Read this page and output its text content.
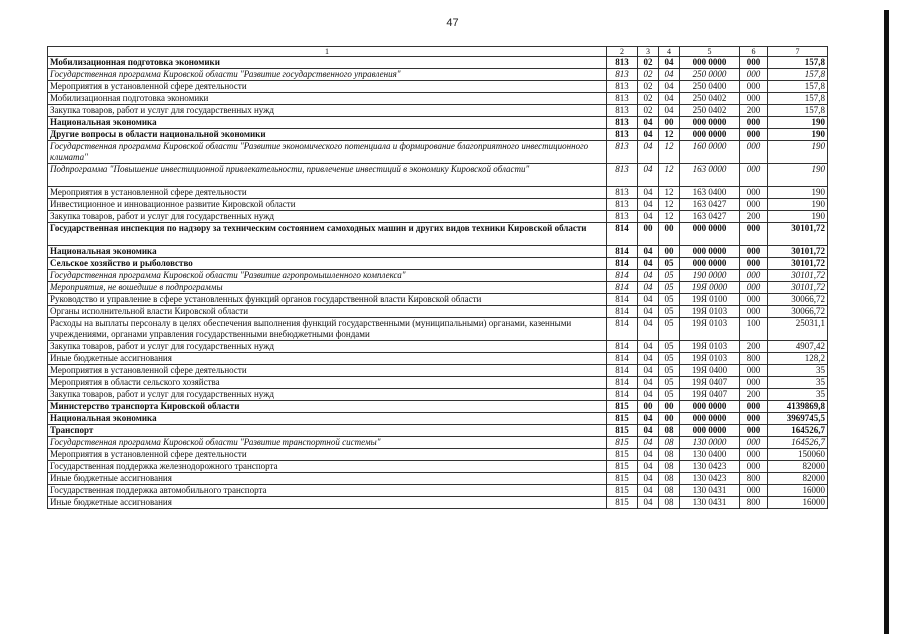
47
1	2	3	4	5	6	7
Мобилизационная подготовка экономики	813	02	04	000 0000	000	157,8
Государственная программа Кировской области "Развитие государственного управления"	813	02	04	250 0000	000	157,8
Мероприятия в установленной сфере деятельности	813	02	04	250 0400	000	157,8
Мобилизационная подготовка экономики	813	02	04	250 0402	000	157,8
Закупка товаров, работ и услуг для государственных нужд	813	02	04	250 0402	200	157,8
Национальная экономика	813	04	00	000 0000	000	190
Другие вопросы в области национальной экономики	813	04	12	000 0000	000	190
Государственная программа Кировской области "Развитие экономического потенциала и формирование благоприятного инвестиционного климата"	813	04	12	160 0000	000	190
Подпрограмма "Повышение инвестиционной привлекательности, привлечение инвестиций в экономику Кировской области"	813	04	12	163 0000	000	190
Мероприятия в установленной сфере деятельности	813	04	12	163 0400	000	190
Инвестиционное и инновационное развитие Кировской области	813	04	12	163 0427	000	190
Закупка товаров, работ и услуг для государственных нужд	813	04	12	163 0427	200	190
Государственная инспекция по надзору за техническим состоянием самоходных машин и других видов техники Кировской области	814	00	00	000 0000	000	30101,72
Национальная экономика	814	04	00	000 0000	000	30101,72
Сельское хозяйство и рыболовство	814	04	05	000 0000	000	30101,72
Государственная программа Кировской области "Развитие агропромышленного комплекса"	814	04	05	190 0000	000	30101,72
Мероприятия, не вошедшие в подпрограммы	814	04	05	19Я 0000	000	30101,72
Руководство и управление в сфере установленных функций органов государственной власти Кировской области	814	04	05	19Я 0100	000	30066,72
Органы исполнительной власти Кировской области	814	04	05	19Я 0103	000	30066,72
Расходы на выплаты персоналу в целях обеспечения выполнения функций государственными (муниципальными) органами, казенными учреждениями, органами управления государственными внебюджетными фондами	814	04	05	19Я 0103	100	25031,1
Закупка товаров, работ и услуг для государственных нужд	814	04	05	19Я 0103	200	4907,42
Иные бюджетные ассигнования	814	04	05	19Я 0103	800	128,2
Мероприятия в установленной сфере деятельности	814	04	05	19Я 0400	000	35
Мероприятия в области сельского хозяйства	814	04	05	19Я 0407	000	35
Закупка товаров, работ и услуг для государственных нужд	814	04	05	19Я 0407	200	35
Министерство транспорта Кировской области	815	00	00	000 0000	000	4139869,8
Национальная экономика	815	04	00	000 0000	000	3969745,5
Транспорт	815	04	08	000 0000	000	164526,7
Государственная программа Кировской области "Развитие транспортной системы"	815	04	08	130 0000	000	164526,7
Мероприятия в установленной сфере деятельности	815	04	08	130 0400	000	150060
Государственная поддержка железнодорожного транспорта	815	04	08	130 0423	000	82000
Иные бюджетные ассигнования	815	04	08	130 0423	800	82000
Государственная поддержка автомобильного транспорта	815	04	08	130 0431	000	16000
Иные бюджетные ассигнования	815	04	08	130 0431	800	16000
